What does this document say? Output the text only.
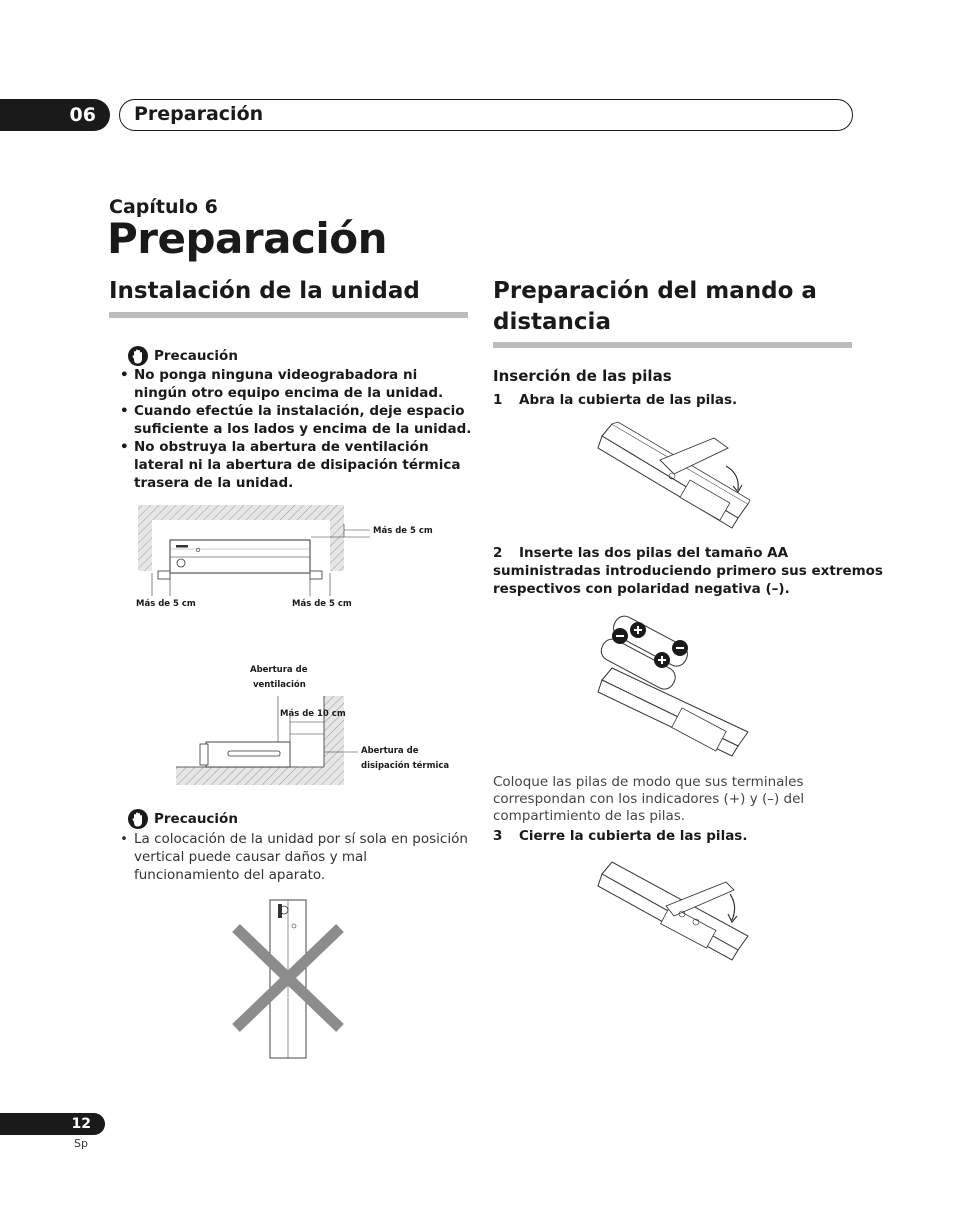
06	Preparación
Capítulo 6
Preparación
Instalación de la unidad
Precaución
• No ponga ninguna videograbadora ni ningún otro equipo encima de la unidad.
• Cuando efectúe la instalación, deje espacio suficiente a los lados y encima de la unidad.
• No obstruya la abertura de ventilación lateral ni la abertura de disipación térmica trasera de la unidad.
Más de 5 cm
Más de 5 cm	Más de 5 cm
Abertura de
ventilación
Más de 10 cm
Abertura de
disipación térmica
Precaución
• La colocación de la unidad por sí sola en posición vertical puede causar daños y mal funcionamiento del aparato.
Preparación del mando a
distancia
Inserción de las pilas
1 Abra la cubierta de las pilas.
2 Inserte las dos pilas del tamaño AA
suministradas introduciendo primero sus extremos
respectivos con polaridad negativa (–).
Coloque las pilas de modo que sus terminales
correspondan con los indicadores (+) y (–) del
compartimiento de las pilas.
3 Cierre la cubierta de las pilas.
12
Sp
